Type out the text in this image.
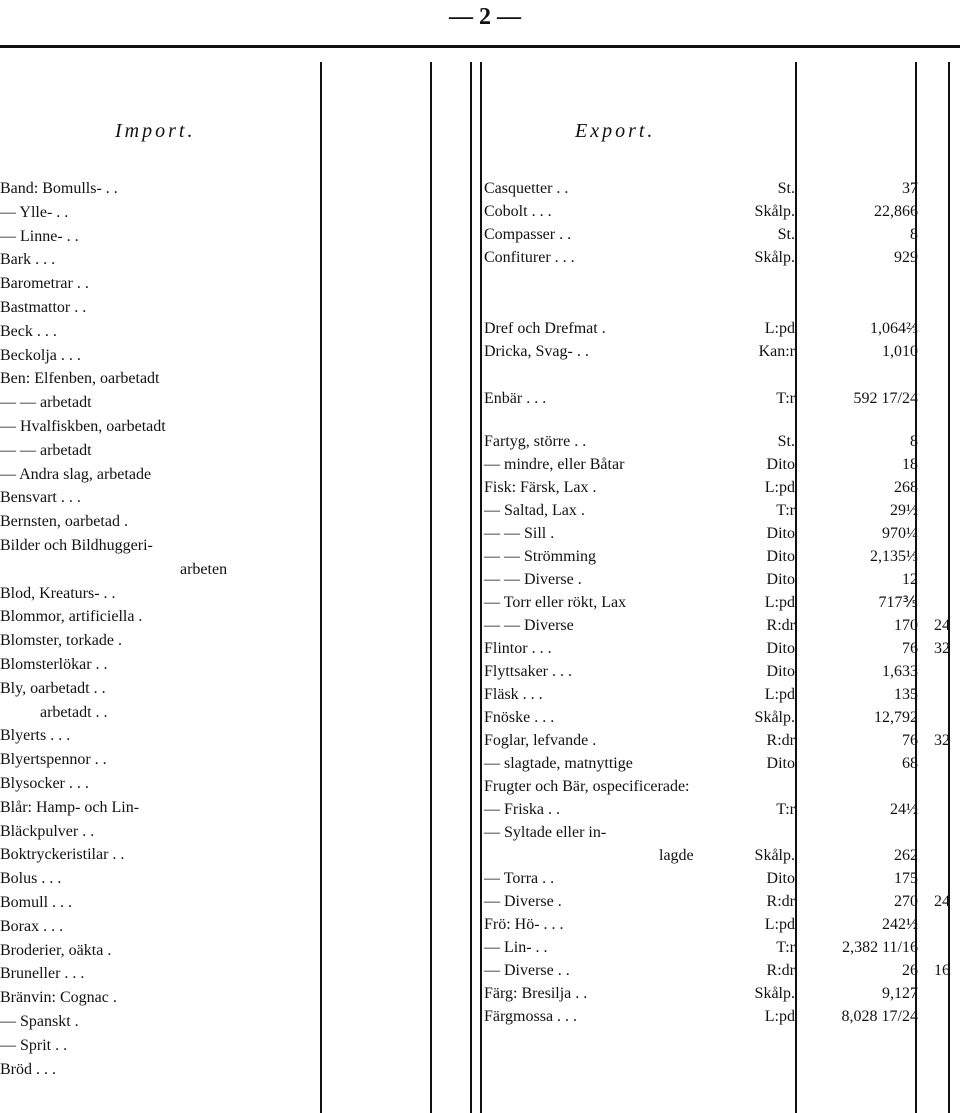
— 2 —
Import.	Export.
Band: Bomulls- . .
— Ylle- . .
— Linne- . .
Bark . . .
Barometrar . .
Bastmattor . .
Beck . . .
Beckolja . . .
Ben: Elfenben, oarbetadt
— — arbetadt
— Hvalfiskben, oarbetadt
— — arbetadt
— Andra slag, arbetade
Bensvart . . .
Bernsten, oarbetad .
Bilder och Bildhuggeri-
arbeten
Blod, Kreaturs- . .
Blommor, artificiella .
Blomster, torkade .
Blomsterlökar . .
Bly, oarbetadt . .
arbetadt . .
Blyerts . . .
Blyertspennor . .
Blysocker . . .
Blår: Hamp- och Lin-
Bläckpulver . .
Boktryckeristilar . .
Bolus . . .
Bomull . . .
Borax . . .
Broderier, oäkta .
Bruneller . . .
Bränvin: Cognac .
— Spanskt .
— Sprit . .
Bröd . . .
Casquetter . .	St.	37
Cobolt . . .	Skålp.	22,866
Compasser . .	St.	8
Confiturer . . .	Skålp.	929
Dref och Drefmat .	L:pd	1,064⅔
Dricka, Svag- . .	Kan:r	1,010
Enbär . . .	T:r	592 17/24
Fartyg, större . .	St.	8
— mindre, eller Båtar	Dito	18
Fisk: Färsk, Lax .	L:pd	268
— Saltad, Lax .	T:r	29½
— — Sill .	Dito	970¼
— — Strömming	Dito	2,135⅓
— — Diverse .	Dito	12
— Torr eller rökt, Lax	L:pd	717⅗
— — Diverse	R:dr	170	24
Flintor . . .	Dito	76	32
Flyttsaker . . .	Dito	1,633
Fläsk . . .	L:pd	135
Fnöske . . .	Skålp.	12,792
Foglar, lefvande .	R:dr	76	32
— slagtade, matnyttige	Dito	68
Frugter och Bär, ospecificerade:
— Friska . .	T:r	24½
— Syltade eller in-
lagde	Skålp.	262
— Torra . .	Dito	175
— Diverse .	R:dr	270	24
Frö: Hö- . . .	L:pd	242½
— Lin- . .	T:r	2,382 11/16
— Diverse . .	R:dr	26	16
Färg: Bresilja . .	Skålp.	9,127
Färgmossa . . .	L:pd	8,028 17/24
